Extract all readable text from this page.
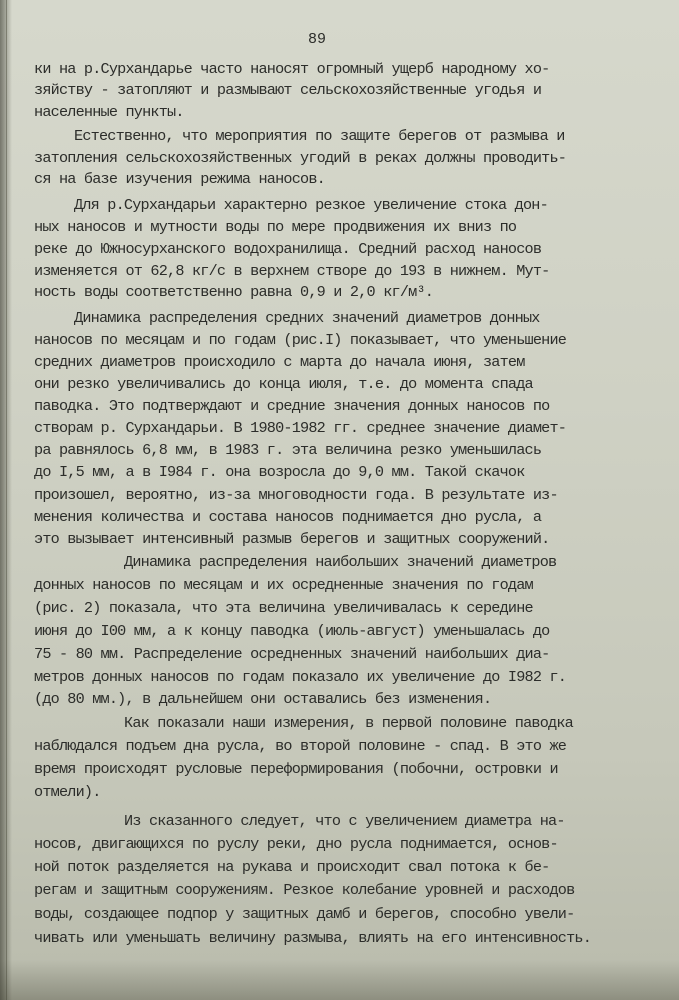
89
ки на р.Сурхандарье часто наносят огромный ущерб народному хо-
зяйству - затопляют и размывают сельскохозяйственные угодья и
населенные пункты.
Естественно, что мероприятия по защите берегов от размыва и
затопления сельскохозяйственных угодий в реках должны проводить-
ся на базе изучения режима наносов.
Для р.Сурхандарьи характерно резкое увеличение стока дон-
ных наносов и мутности воды по мере продвижения их вниз по
реке до Южносурханского водохранилища. Средний расход наносов
изменяется от 62,8 кг/с в верхнем створе до 193 в нижнем. Мут-
ность воды соответственно равна 0,9 и 2,0 кг/м³.
Динамика распределения средних значений диаметров донных
наносов по месяцам и по годам (рис.I) показывает, что уменьшение
средних диаметров происходило с марта до начала июня, затем
они резко увеличивались до конца июля, т.е. до момента спада
паводка. Это подтверждают и средние значения донных наносов по
створам р. Сурхандарьи. В 1980-1982 гг. среднее значение диамет-
ра равнялось 6,8 мм, в 1983 г. эта величина резко уменьшилась
до I,5 мм, а в I984 г. она возросла до 9,0 мм. Такой скачок
произошел, вероятно, из-за многоводности года. В результате из-
менения количества и состава наносов поднимается дно русла, а
это вызывает интенсивный размыв берегов и защитных сооружений.
Динамика распределения наибольших значений диаметров
донных наносов по месяцам и их осредненные значения по годам
(рис. 2) показала, что эта величина увеличивалась к середине
июня до I00 мм, а к концу паводка (июль-август) уменьшалась до
75 - 80 мм. Распределение осредненных значений наибольших диа-
метров донных наносов по годам показало их увеличение до I982 г.
(до 80 мм.), в дальнейшем они оставались без изменения.
Как показали наши измерения, в первой половине паводка
наблюдался подъем дна русла, во второй половине - спад. В это же
время происходят русловые переформирования (побочни, островки и
отмели).
Из сказанного следует, что с увеличением диаметра на-
носов, двигающихся по руслу реки, дно русла поднимается, основ-
ной поток разделяется на рукава и происходит свал потока к бе-
регам и защитным сооружениям. Резкое колебание уровней и расходов
воды, создающее подпор у защитных дамб и берегов, способно увели-
чивать или уменьшать величину размыва, влиять на его интенсивность.
